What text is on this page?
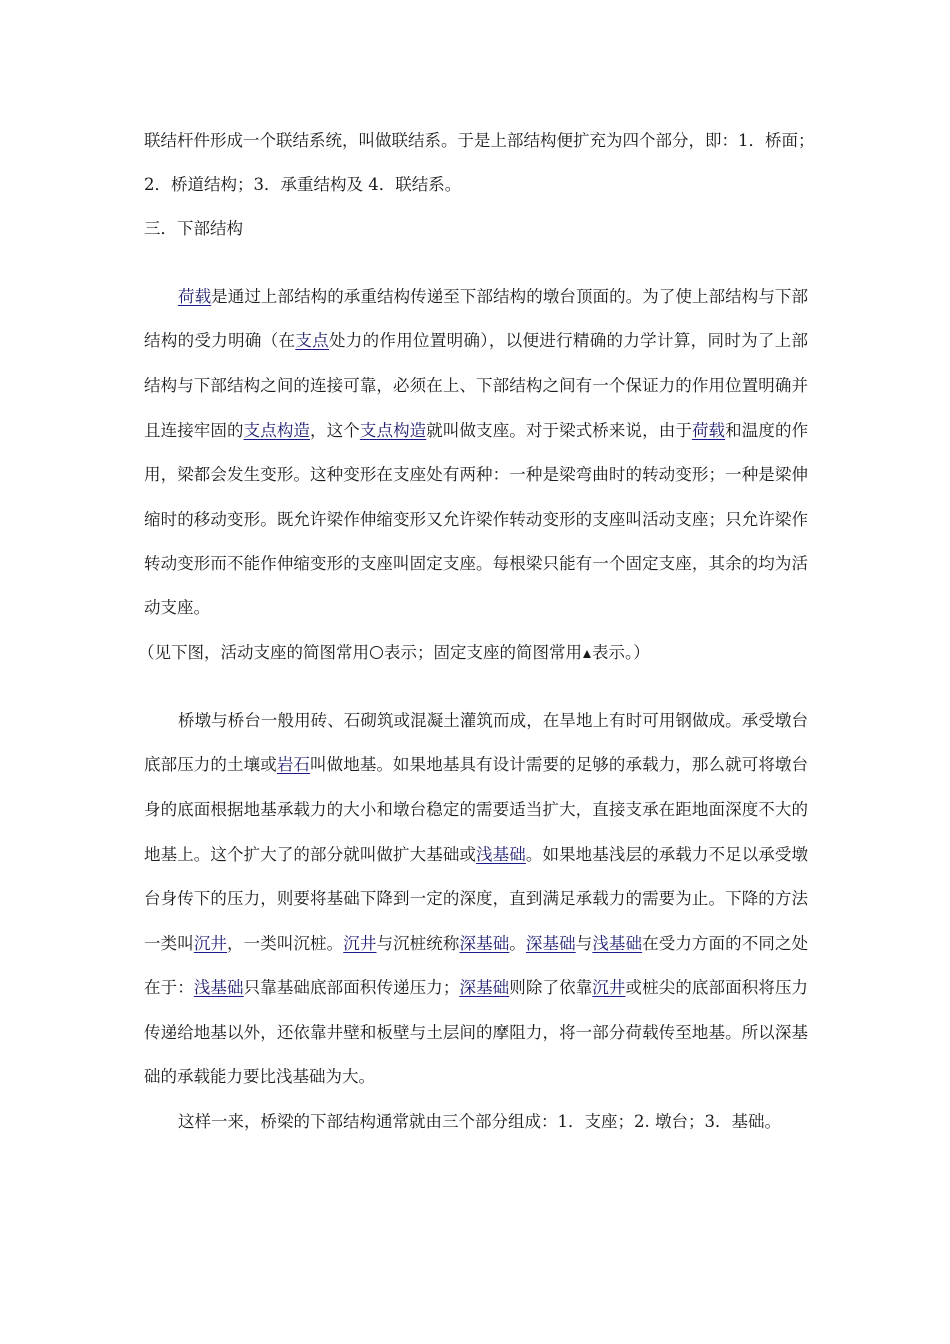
联结杆件形成一个联结系统，叫做联结系。于是上部结构便扩充为四个部分，即：1．桥面；
2．桥道结构；3．承重结构及 4．联结系。
三．下部结构
荷载是通过上部结构的承重结构传递至下部结构的墩台顶面的。为了使上部结构与下部
结构的受力明确（在支点处力的作用位置明确），以便进行精确的力学计算，同时为了上部
结构与下部结构之间的连接可靠，必须在上、下部结构之间有一个保证力的作用位置明确并
且连接牢固的支点构造，这个支点构造就叫做支座。对于梁式桥来说，由于荷载和温度的作
用，梁都会发生变形。这种变形在支座处有两种：一种是梁弯曲时的转动变形；一种是梁伸
缩时的移动变形。既允许梁作伸缩变形又允许梁作转动变形的支座叫活动支座；只允许梁作
转动变形而不能作伸缩变形的支座叫固定支座。每根梁只能有一个固定支座，其余的均为活
动支座。
（见下图，活动支座的简图常用 表示；固定支座的简图常用 表示。）
桥墩与桥台一般用砖、石砌筑或混凝土灌筑而成，在旱地上有时可用钢做成。承受墩台
底部压力的土壤或岩石叫做地基。如果地基具有设计需要的足够的承载力，那么就可将墩台
身的底面根据地基承载力的大小和墩台稳定的需要适当扩大，直接支承在距地面深度不大的
地基上。这个扩大了的部分就叫做扩大基础或浅基础。如果地基浅层的承载力不足以承受墩
台身传下的压力，则要将基础下降到一定的深度，直到满足承载力的需要为止。下降的方法
一类叫沉井，一类叫沉桩。沉井与沉桩统称深基础。深基础与浅基础在受力方面的不同之处
在于：浅基础只靠基础底部面积传递压力；深基础则除了依靠沉井或桩尖的底部面积将压力
传递给地基以外，还依靠井壁和板壁与土层间的摩阻力，将一部分荷载传至地基。所以深基
础的承载能力要比浅基础为大。
这样一来，桥梁的下部结构通常就由三个部分组成：1．支座；2. 墩台；3．基础。
